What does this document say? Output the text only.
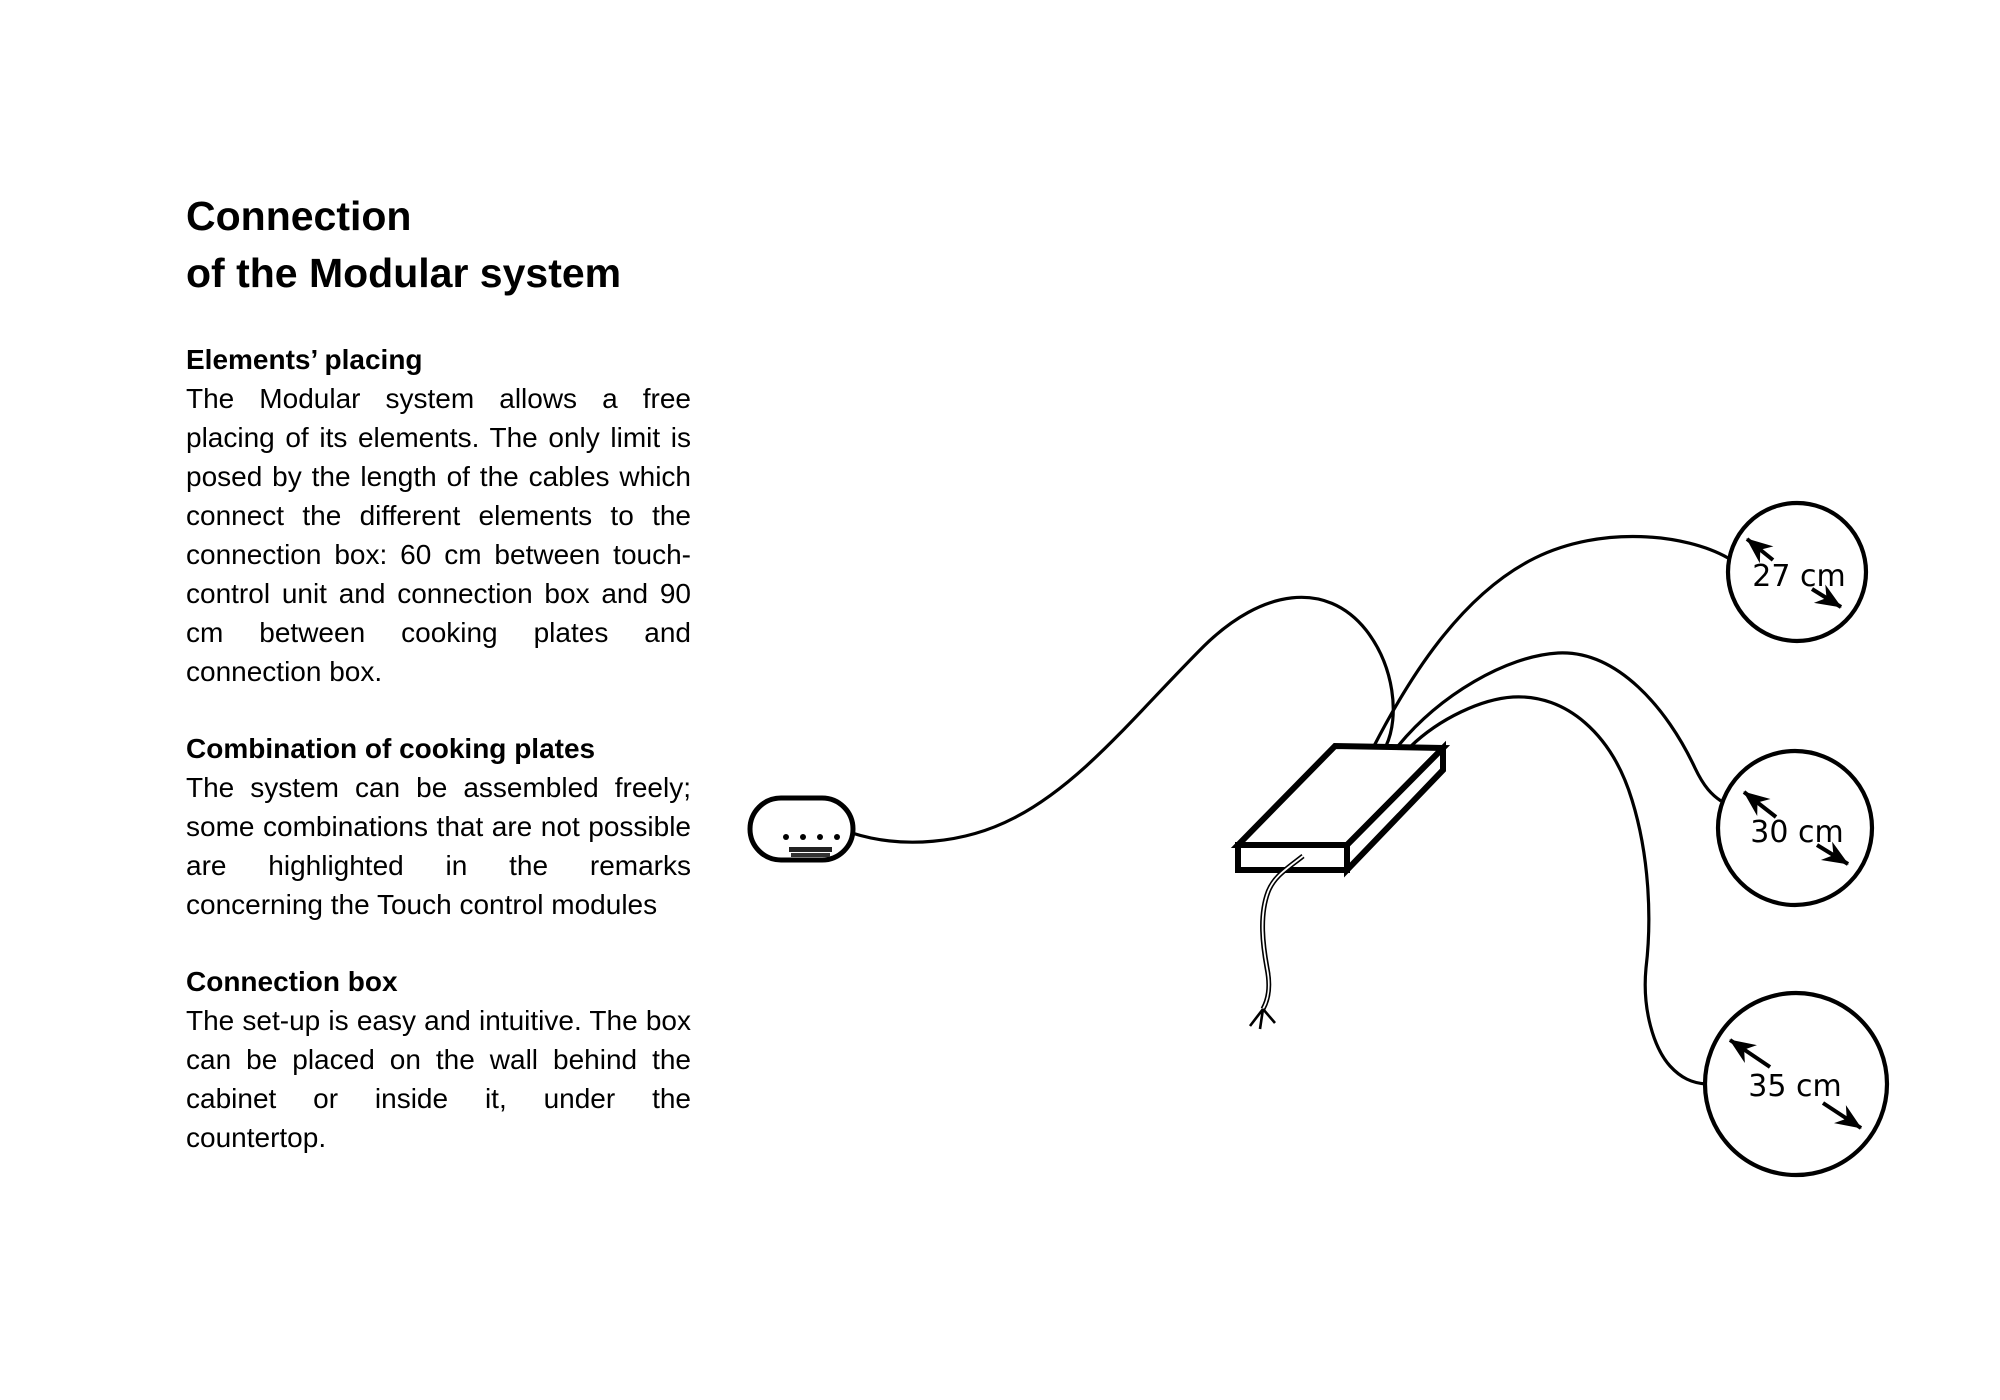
Connection
of the Modular system
Elements’ placing
The Modular system allows a free placing of its elements. The only limit is posed by the length of the cables which connect the different elements to the connection box: 60 cm between touch-control unit and connection box and 90 cm between cooking plates and connection box.
Combination of cooking plates
The system can be assembled freely; some combinations that are not possible are highlighted in the remarks concerning the Touch control modules
Connection box
The set-up is easy and intuitive. The box can be placed on the wall behind the cabinet or inside it, under the countertop.
27 cm
30 cm
35 cm
